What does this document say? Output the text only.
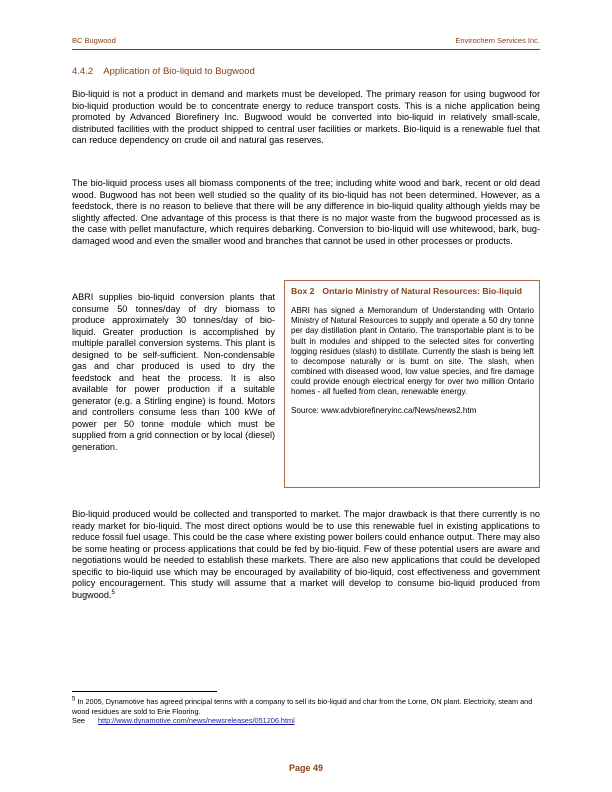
BC Bugwood	Envirochem Services Inc.
4.4.2 Application of Bio-liquid to Bugwood

Bio-liquid is not a product in demand and markets must be developed. The primary reason for using bugwood for bio-liquid production would be to concentrate energy to reduce transport costs. This is a niche application being promoted by Advanced Biorefinery Inc. Bugwood would be converted into bio-liquid in relatively small-scale, distributed facilities with the product shipped to central user facilities or markets. Bio-liquid is a renewable fuel that can reduce dependency on crude oil and natural gas reserves.

The bio-liquid process uses all biomass components of the tree; including white wood and bark, recent or old dead wood. Bugwood has not been well studied so the quality of its bio-liquid has not been determined. However, as a feedstock, there is no reason to believe that there will be any difference in bio-liquid quality although yields may be slightly affected. One advantage of this process is that there is no major waste from the bugwood processed as is the case with pellet manufacture, which requires debarking. Conversion to bio-liquid will use whitewood, bark, bug-damaged wood and even the smaller wood and branches that cannot be used in other processes or products.

ABRI supplies bio-liquid conversion plants that consume 50 tonnes/day of dry biomass to produce approximately 30 tonnes/day of bio-liquid. Greater production is accomplished by multiple parallel conversion systems. This plant is designed to be self-sufficient. Non-condensable gas and char produced is used to dry the feedstock and heat the process. It is also available for power production if a suitable generator (e.g. a Stirling engine) is found. Motors and controllers consume less than 100 kWe of power per 50 tonne module which must be supplied from a grid connection or by local (diesel) generation.

Box 2 Ontario Ministry of Natural Resources: Bio-liquid

ABRI has signed a Memorandum of Understanding with Ontario Ministry of Natural Resources to supply and operate a 50 dry tonne per day distillation plant in Ontario. The transportable plant is to be built in modules and shipped to the selected sites for converting logging residues (slash) to distillate. Currently the slash is being left to decompose naturally or is burnt on site. The slash, when combined with diseased wood, low value species, and fire damage could provide enough electrical energy for over two million Ontario homes - all fuelled from clean, renewable energy.

Source: www.advbiorefineryinc.ca/News/news2.htm

Bio-liquid produced would be collected and transported to market. The major drawback is that there currently is no ready market for bio-liquid. The most direct options would be to use this renewable fuel in existing applications to reduce fossil fuel usage. This could be the case where existing power boilers could enhance output. There may also be some heating or process applications that could be fed by bio-liquid. Few of these potential users are aware and negotiations would be needed to establish these markets. There are also new applications that could be developed specific to bio-liquid use which may be encouraged by availability of bio-liquid, cost effectiveness and government policy encouragement. This study will assume that a market will develop to consume bio-liquid produced from bugwood.$^5$

$^5$ In 2005, Dynamotive has agreed principal terms with a company to sell its bio-liquid and char from the Lorne, ON plant. Electricity, steam and wood residues are sold to Erie Flooring.
See http://www.dynamotive.com/news/newsreleases/051206.html
Page 49
